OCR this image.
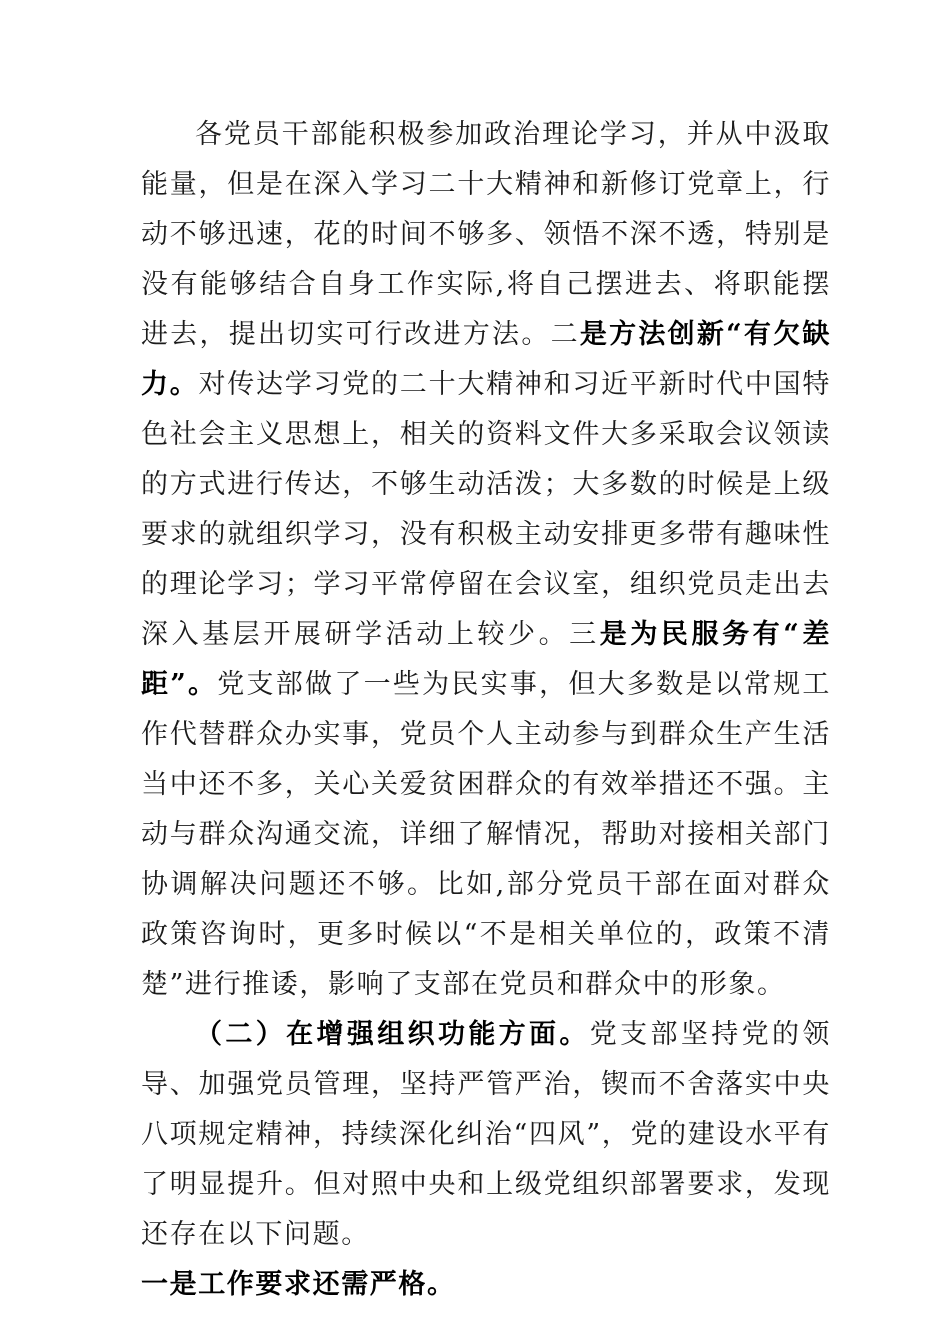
各党员干部能积极参加政治理论学习，并从中汲取能量，但是在深入学习二十大精神和新修订党章上，行动不够迅速，花的时间不够多、领悟不深不透，特别是没有能够结合自身工作实际,将自己摆进去、将职能摆进去，提出切实可行改进方法。二是方法创新“有欠缺力。对传达学习党的二十大精神和习近平新时代中国特色社会主义思想上，相关的资料文件大多采取会议领读的方式进行传达，不够生动活泼；大多数的时候是上级要求的就组织学习，没有积极主动安排更多带有趣味性的理论学习；学习平常停留在会议室，组织党员走出去深入基层开展研学活动上较少。三是为民服务有“差距”。党支部做了一些为民实事，但大多数是以常规工作代替群众办实事，党员个人主动参与到群众生产生活当中还不多，关心关爱贫困群众的有效举措还不强。主动与群众沟通交流，详细了解情况，帮助对接相关部门协调解决问题还不够。比如,部分党员干部在面对群众政策咨询时，更多时候以“不是相关单位的，政策不清楚”进行推诿，影响了支部在党员和群众中的形象。

（二）在增强组织功能方面。党支部坚持党的领导、加强党员管理，坚持严管严治，锲而不舍落实中央八项规定精神，持续深化纠治“四风”，党的建设水平有了明显提升。但对照中央和上级党组织部署要求，发现还存在以下问题。

一是工作要求还需严格。
